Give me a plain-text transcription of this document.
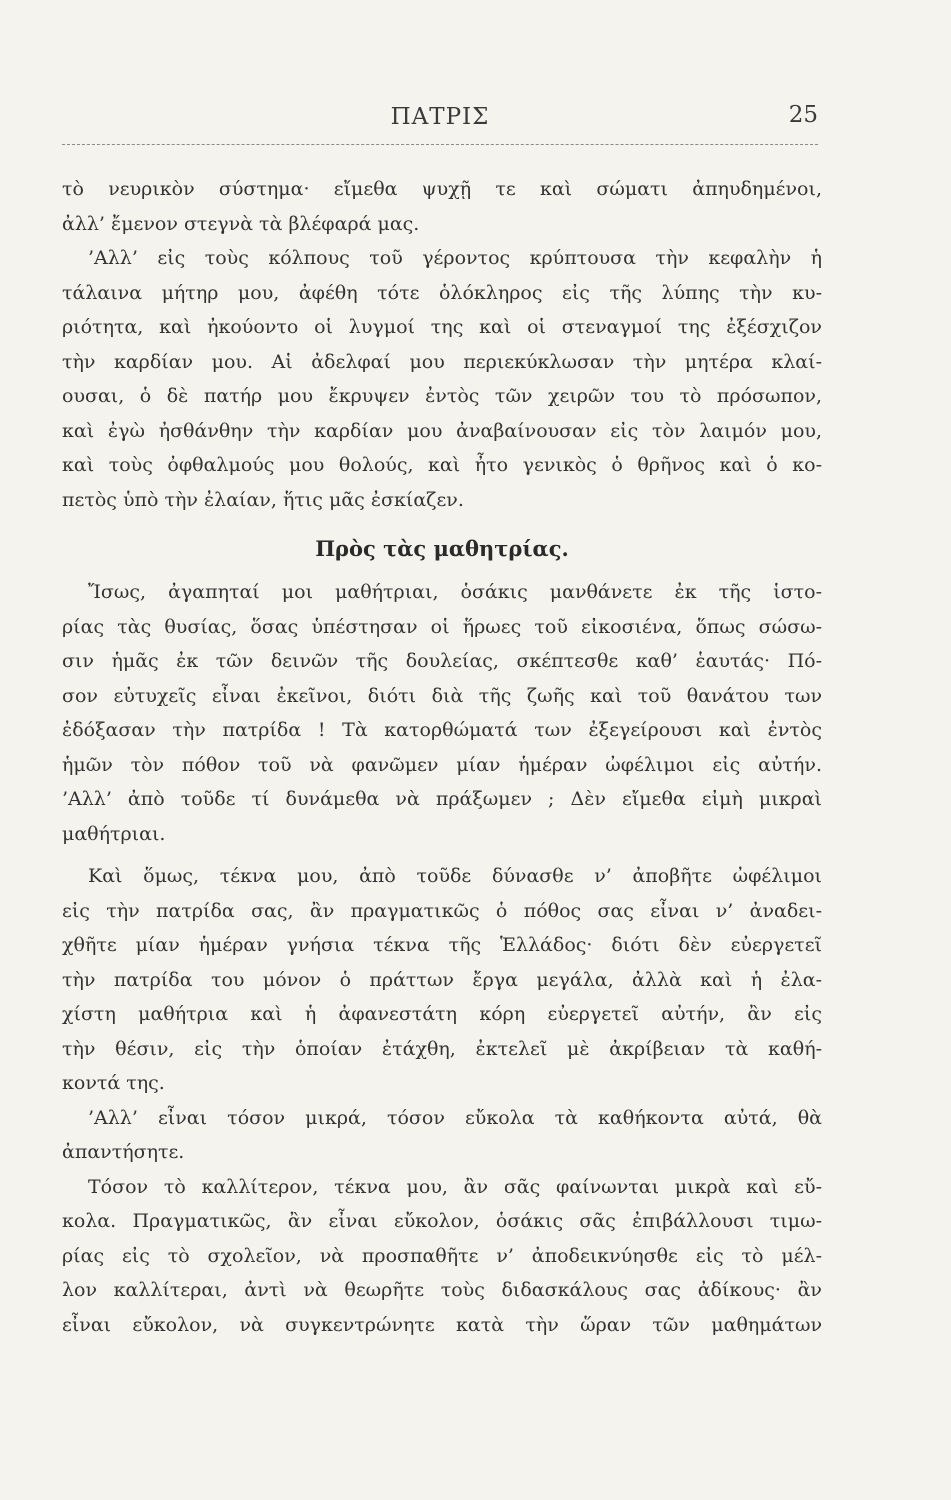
ΠΑΤΡΙΣ	25
τὸ νευρικὸν σύστημα· εἴμεθα ψυχῇ τε καὶ σώματι ἀπηυδημένοι,
ἀλλ’ ἔμενον στεγνὰ τὰ βλέφαρά μας.
’Αλλ’ εἰς τοὺς κόλπους τοῦ γέροντος κρύπτουσα τὴν κεφαλὴν ἡ
τάλαινα μήτηρ μου, ἀφέθη τότε ὁλόκληρος εἰς τῆς λύπης τὴν κυ-
ριότητα, καὶ ἠκούοντο οἱ λυγμοί της καὶ οἱ στεναγμοί της ἐξέσχιζον
τὴν καρδίαν μου. Αἱ ἀδελφαί μου περιεκύκλωσαν τὴν μητέρα κλαί-
ουσαι, ὁ δὲ πατήρ μου ἔκρυψεν ἐντὸς τῶν χειρῶν του τὸ πρόσωπον,
καὶ ἐγὼ ἠσθάνθην τὴν καρδίαν μου ἀναβαίνουσαν εἰς τὸν λαιμόν μου,
καὶ τοὺς ὀφθαλμούς μου θολούς, καὶ ἦτο γενικὸς ὁ θρῆνος καὶ ὁ κο-
πετὸς ὑπὸ τὴν ἐλαίαν, ἥτις μᾶς ἐσκίαζεν.
Πρὸς τὰς μαθητρίας.
Ἴσως, ἀγαπηταί μοι μαθήτριαι, ὁσάκις μανθάνετε ἐκ τῆς ἱστο-
ρίας τὰς θυσίας, ὅσας ὑπέστησαν οἱ ἥρωες τοῦ εἰκοσιένα, ὅπως σώσω-
σιν ἡμᾶς ἐκ τῶν δεινῶν τῆς δουλείας, σκέπτεσθε καθ’ ἑαυτάς· Πό-
σον εὐτυχεῖς εἶναι ἐκεῖνοι, διότι διὰ τῆς ζωῆς καὶ τοῦ θανάτου των
ἐδόξασαν τὴν πατρίδα ! Τὰ κατορθώματά των ἐξεγείρουσι καὶ ἐντὸς
ἡμῶν τὸν πόθον τοῦ νὰ φανῶμεν μίαν ἡμέραν ὠφέλιμοι εἰς αὐτήν.
’Αλλ’ ἀπὸ τοῦδε τί δυνάμεθα νὰ πράξωμεν ; Δὲν εἴμεθα εἰμὴ μικραὶ
μαθήτριαι.
Καὶ ὅμως, τέκνα μου, ἀπὸ τοῦδε δύνασθε ν’ ἀποβῆτε ὠφέλιμοι
εἰς τὴν πατρίδα σας, ἂν πραγματικῶς ὁ πόθος σας εἶναι ν’ ἀναδει-
χθῆτε μίαν ἡμέραν γνήσια τέκνα τῆς Ἑλλάδος· διότι δὲν εὐεργετεῖ
τὴν πατρίδα του μόνον ὁ πράττων ἔργα μεγάλα, ἀλλὰ καὶ ἡ ἐλα-
χίστη μαθήτρια καὶ ἡ ἀφανεστάτη κόρη εὐεργετεῖ αὐτήν, ἂν εἰς
τὴν θέσιν, εἰς τὴν ὁποίαν ἐτάχθη, ἐκτελεῖ μὲ ἀκρίβειαν τὰ καθή-
κοντά της.
’Αλλ’ εἶναι τόσον μικρά, τόσον εὔκολα τὰ καθήκοντα αὐτά, θὰ
ἀπαντήσητε.
Τόσον τὸ καλλίτερον, τέκνα μου, ἂν σᾶς φαίνωνται μικρὰ καὶ εὔ-
κολα. Πραγματικῶς, ἂν εἶναι εὔκολον, ὁσάκις σᾶς ἐπιβάλλουσι τιμω-
ρίας εἰς τὸ σχολεῖον, νὰ προσπαθῆτε ν’ ἀποδεικνύησθε εἰς τὸ μέλ-
λον καλλίτεραι, ἀντὶ νὰ θεωρῆτε τοὺς διδασκάλους σας ἀδίκους· ἂν
εἶναι εὔκολον, νὰ συγκεντρώνητε κατὰ τὴν ὥραν τῶν μαθημάτων
